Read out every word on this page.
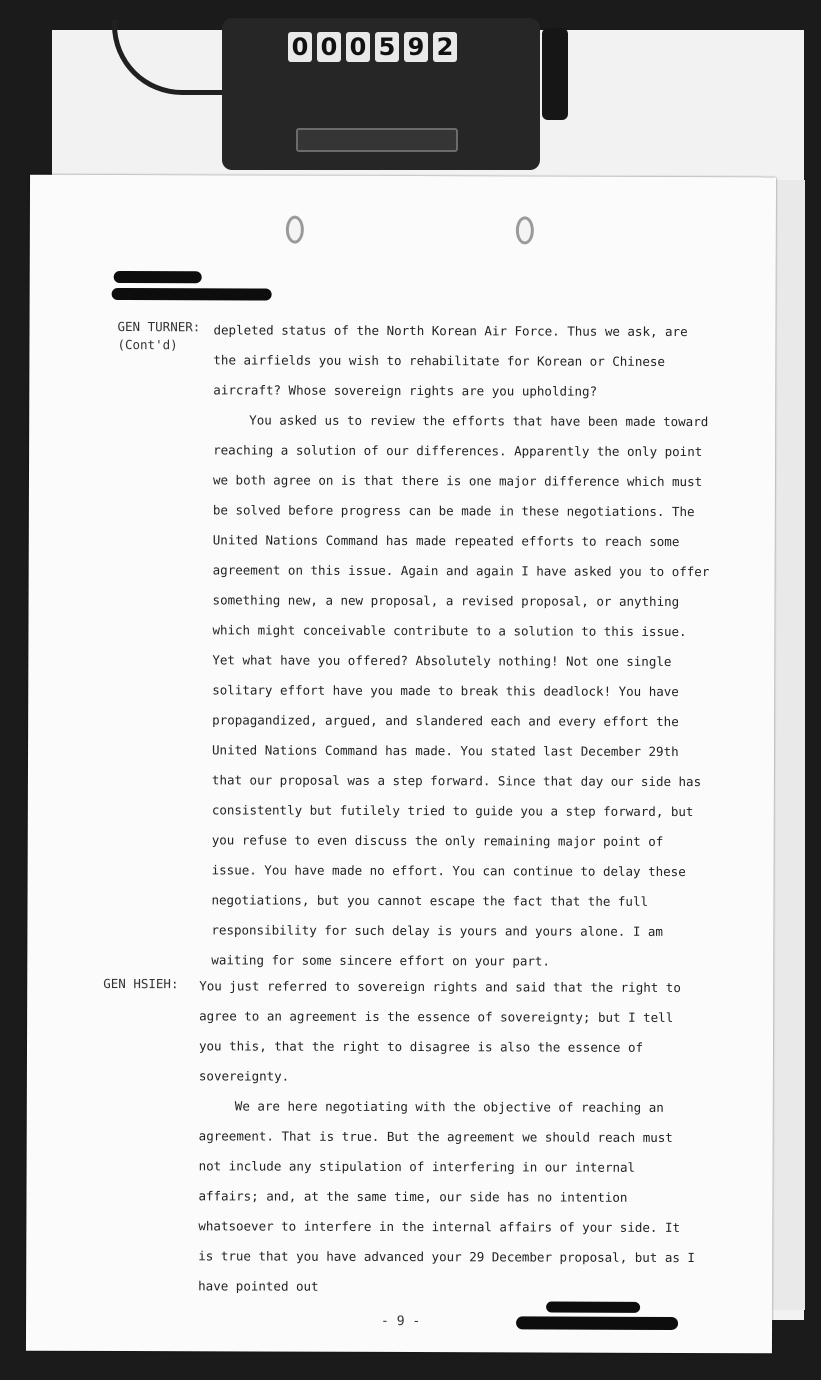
0 0 0 5 9 2
GEN TURNER:
(Cont'd)

depleted status of the North Korean Air Force. Thus we ask, are the airfields you wish to rehabilitate for Korean or Chinese aircraft? Whose sovereign rights are you upholding?

You asked us to review the efforts that have been made toward reaching a solution of our differences. Apparently the only point we both agree on is that there is one major difference which must be solved before progress can be made in these negotiations. The United Nations Command has made repeated efforts to reach some agreement on this issue. Again and again I have asked you to offer something new, a new proposal, a revised proposal, or anything which might conceivable contribute to a solution to this issue. Yet what have you offered? Absolutely nothing! Not one single solitary effort have you made to break this deadlock! You have propagandized, argued, and slandered each and every effort the United Nations Command has made. You stated last December 29th that our proposal was a step forward. Since that day our side has consistently but futilely tried to guide you a step forward, but you refuse to even discuss the only remaining major point of issue. You have made no effort. You can continue to delay these negotiations, but you cannot escape the fact that the full responsibility for such delay is yours and yours alone. I am waiting for some sincere effort on your part.

GEN HSIEH: You just referred to sovereign rights and said that the right to agree to an agreement is the essence of sovereignty; but I tell you this, that the right to disagree is also the essence of sovereignty.

We are here negotiating with the objective of reaching an agreement. That is true. But the agreement we should reach must not include any stipulation of interfering in our internal affairs; and, at the same time, our side has no intention whatsoever to interfere in the internal affairs of your side. It is true that you have advanced your 29 December proposal, but as I have pointed out

- 9 -
